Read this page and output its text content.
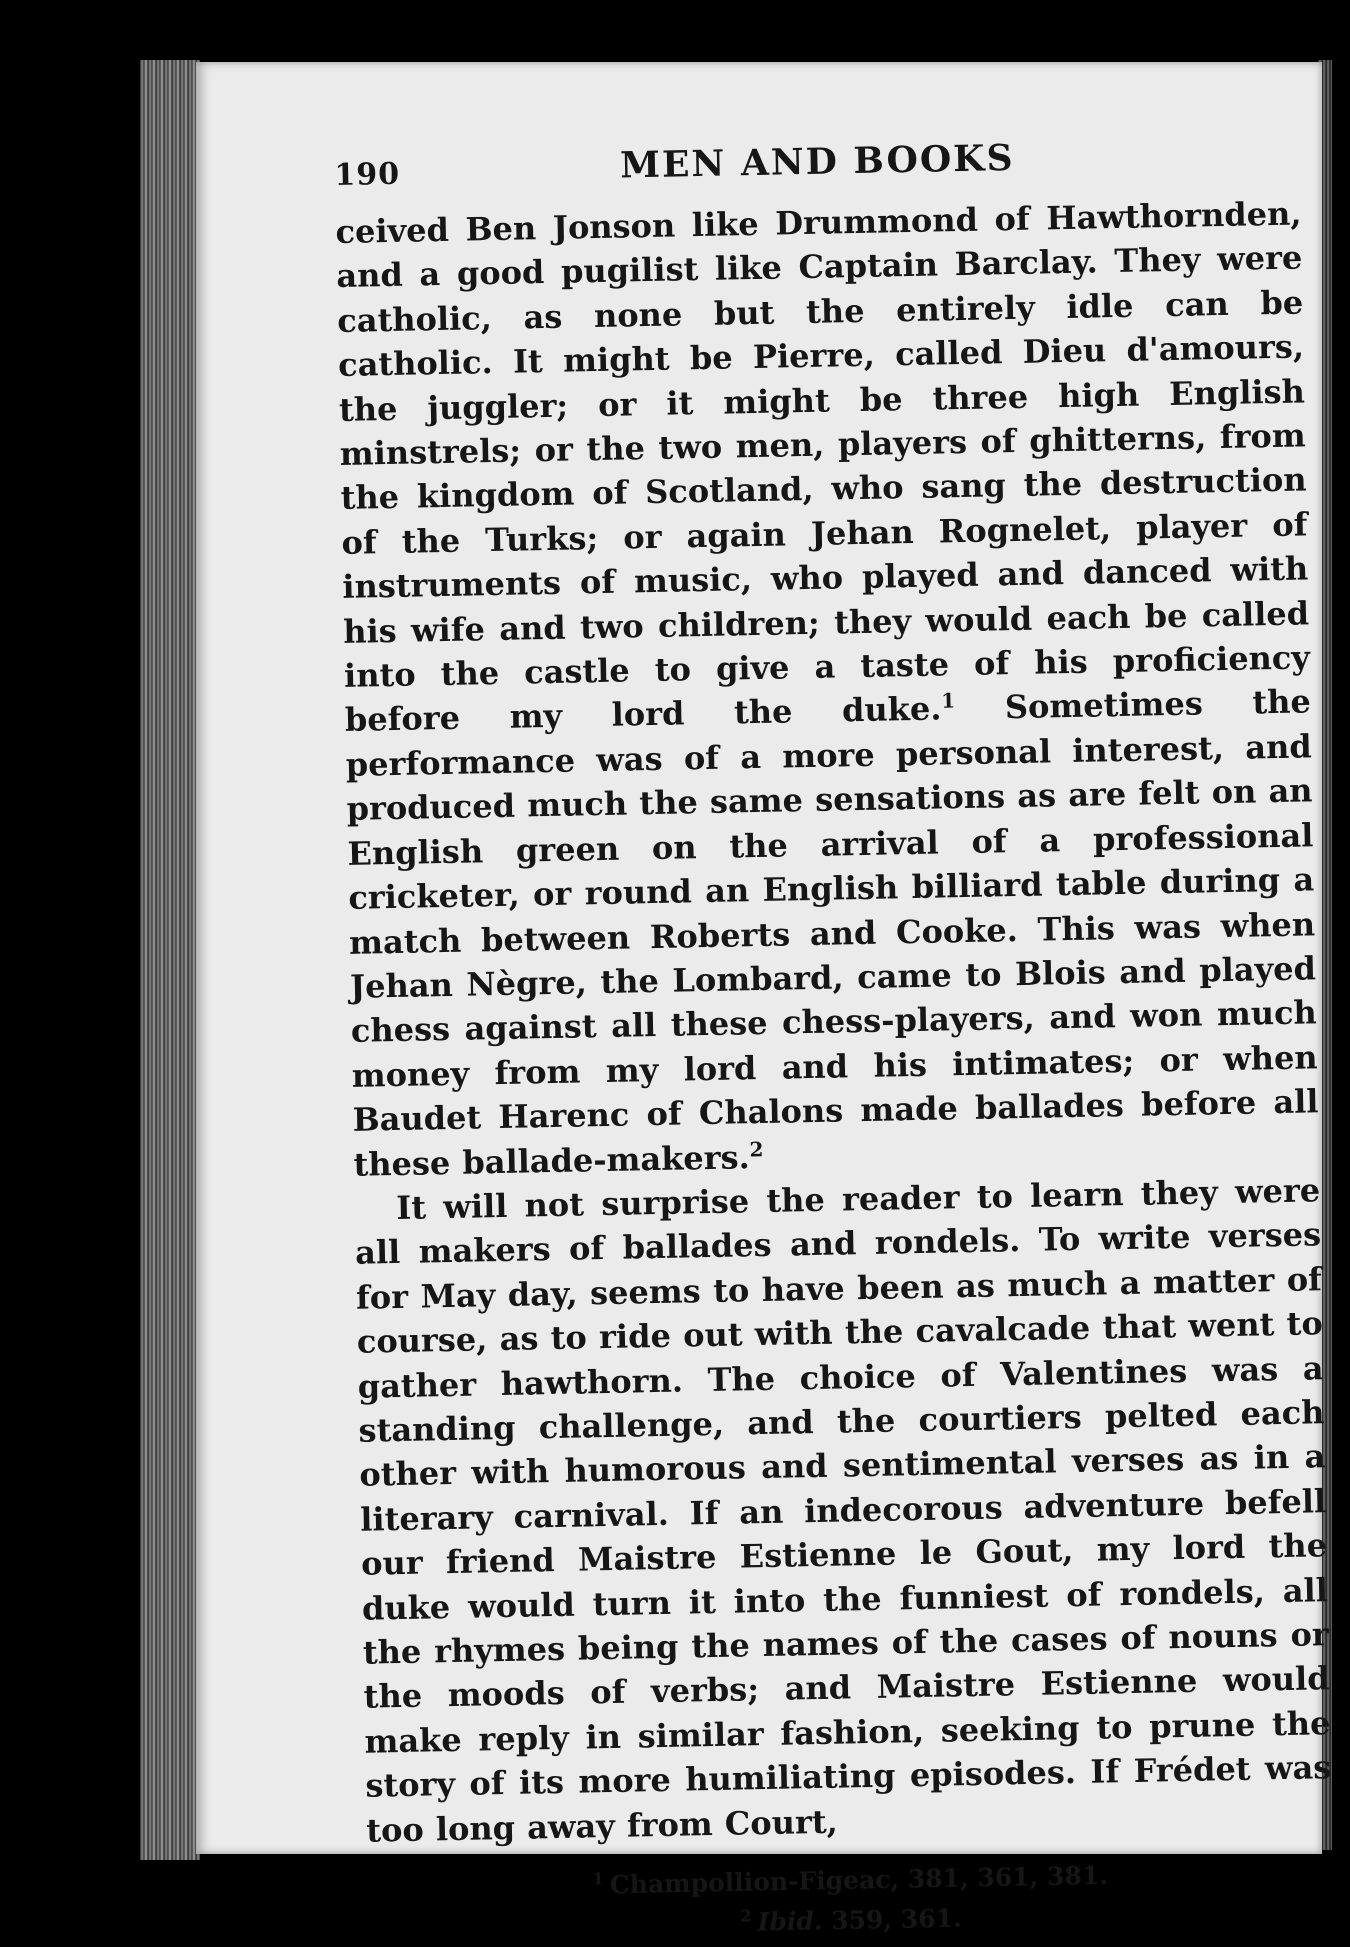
190	MEN AND BOOKS

ceived Ben Jonson like Drummond of Hawthornden, and a good pugilist like Captain Barclay. They were catholic, as none but the entirely idle can be catholic. It might be Pierre, called Dieu d'amours, the juggler; or it might be three high English minstrels; or the two men, players of ghitterns, from the kingdom of Scotland, who sang the destruction of the Turks; or again Jehan Rognelet, player of instruments of music, who played and danced with his wife and two children; they would each be called into the castle to give a taste of his proficiency before my lord the duke.$^1$ Sometimes the performance was of a more personal interest, and produced much the same sensations as are felt on an English green on the arrival of a professional cricketer, or round an English billiard table during a match between Roberts and Cooke. This was when Jehan Nègre, the Lombard, came to Blois and played chess against all these chess-players, and won much money from my lord and his intimates; or when Baudet Harenc of Chalons made ballades before all these ballade-makers.$^2$

It will not surprise the reader to learn they were all makers of ballades and rondels. To write verses for May day, seems to have been as much a matter of course, as to ride out with the cavalcade that went to gather hawthorn. The choice of Valentines was a standing challenge, and the courtiers pelted each other with humorous and sentimental verses as in a literary carnival. If an indecorous adventure befell our friend Maistre Estienne le Gout, my lord the duke would turn it into the funniest of rondels, all the rhymes being the names of the cases of nouns or the moods of verbs; and Maistre Estienne would make reply in similar fashion, seeking to prune the story of its more humiliating episodes. If Frédet was too long away from Court,

$^1$ Champollion-Figeac, 381, 361, 381.
$^2$ Ibid. 359, 361.
